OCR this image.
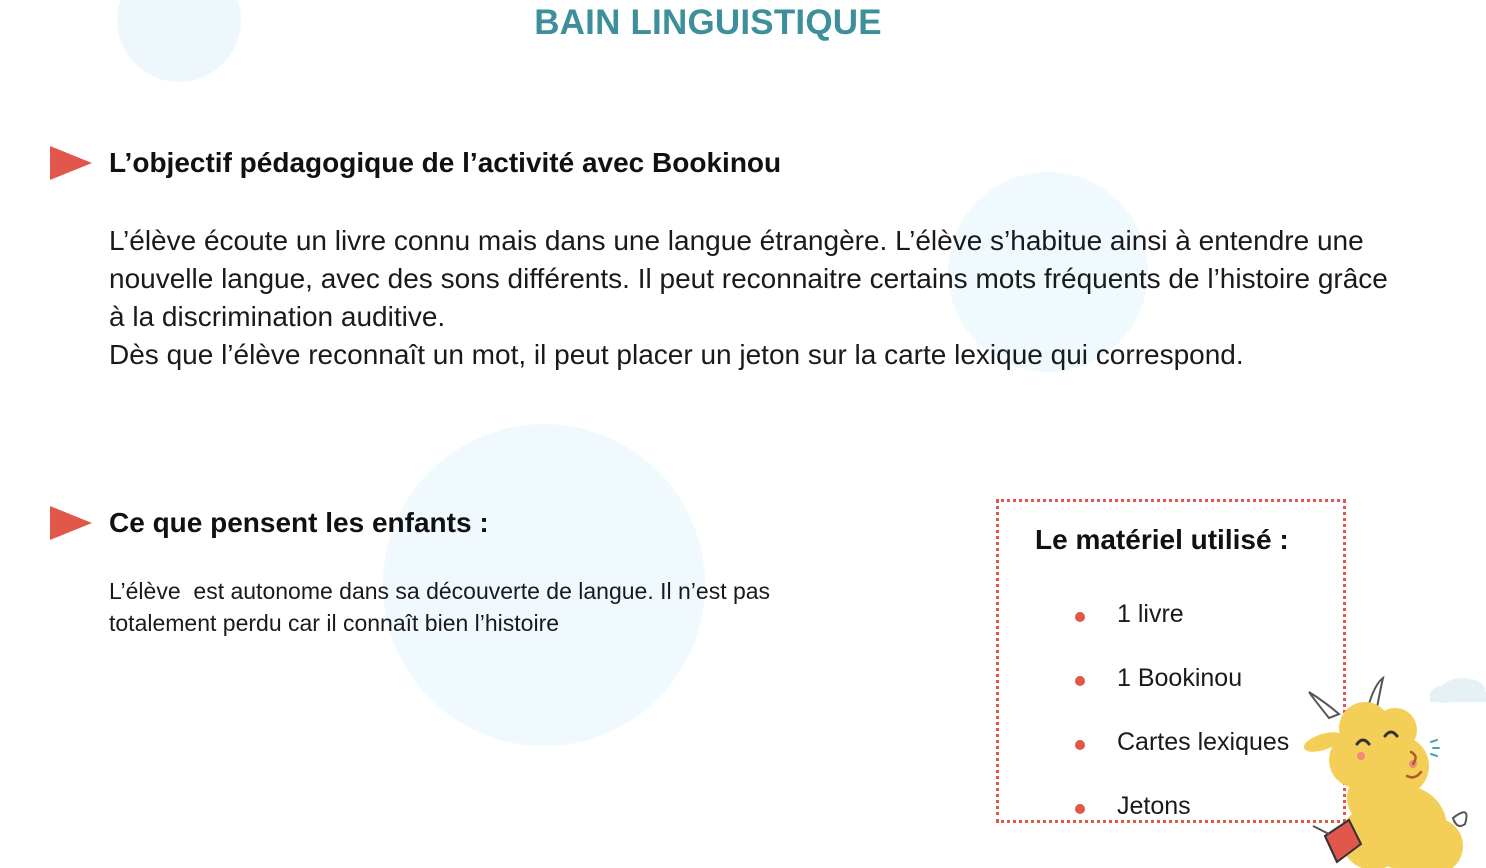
BAIN LINGUISTIQUE
L’objectif pédagogique de l’activité avec Bookinou

L’élève écoute un livre connu mais dans une langue étrangère. L’élève s’habitue ainsi à entendre une nouvelle langue, avec des sons différents. Il peut reconnaitre certains mots fréquents de l’histoire grâce à la discrimination auditive.

Dès que l’élève reconnaît un mot, il peut placer un jeton sur la carte lexique qui correspond.

Ce que pensent les enfants :
L’élève  est autonome dans sa découverte de langue. Il n’est pas totalement perdu car il connaît bien l’histoire
Le matériel utilisé :
1 livre
1 Bookinou
Cartes lexiques
Jetons
